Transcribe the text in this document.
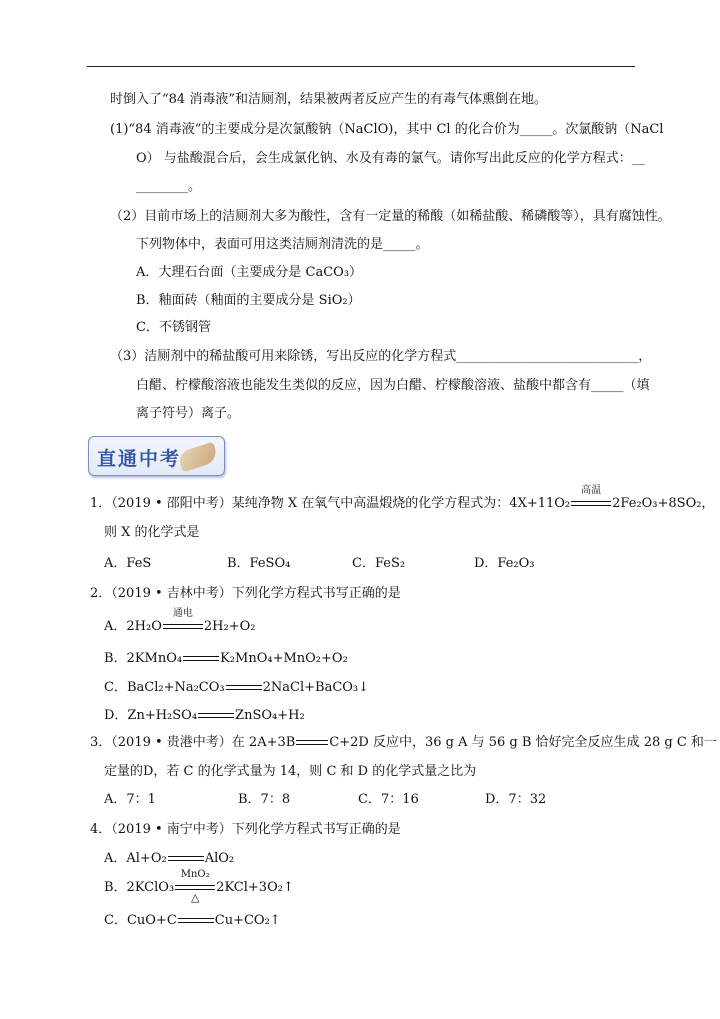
时倒入了“84 消毒液”和洁厕剂，结果被两者反应产生的有毒气体熏倒在地。
(1)“84 消毒液”的主要成分是次氯酸钠（NaClO)，其中 Cl 的化合价为_____。次氯酸钠（NaCl
O） 与盐酸混合后，会生成氯化钠、水及有毒的氯气。请你写出此反应的化学方程式：__
________。
（2）目前市场上的洁厕剂大多为酸性，含有一定量的稀酸（如稀盐酸、稀磷酸等），具有腐蚀性。
下列物体中，表面可用这类洁厕剂清洗的是_____。
A．大理石台面（主要成分是 CaCO₃）
B．釉面砖（釉面的主要成分是 SiO₂）
C．不锈钢管
（3）洁厕剂中的稀盐酸可用来除锈，写出反应的化学方程式____________________________，
白醋、柠檬酸溶液也能发生类似的反应，因为白醋、柠檬酸溶液、盐酸中都含有_____（填
离子符号）离子。
直通中考
1．（2019 • 邵阳中考）某纯净物 X 在氧气中高温煅烧的化学方程式为：4X+11O₂
高温
2Fe₂O₃+8SO₂，
则 X 的化学式是
A．FeS	B．FeSO₄	C．FeS₂	D．Fe₂O₃
2．（2019 • 吉林中考）下列化学方程式书写正确的是
A．2H₂O
通电
2H₂+O₂
B．2KMnO₄	K₂MnO₄+MnO₂+O₂
C．BaCl₂+Na₂CO₃	2NaCl+BaCO₃↓
D．Zn+H₂SO₄	ZnSO₄+H₂
3．（2019 • 贵港中考）在 2A+3B	C+2D 反应中，36 g A 与 56 g B 恰好完全反应生成 28 g C 和一
定量的D，若 C 的化学式量为 14，则 C 和 D 的化学式量之比为
A．7：1	B．7：8	C．7：16	D．7：32
4．（2019 • 南宁中考）下列化学方程式书写正确的是
A．Al+O₂	AlO₂
B．2KClO₃
MnO₂
△
2KCl+3O₂↑
C．CuO+C	Cu+CO₂↑
